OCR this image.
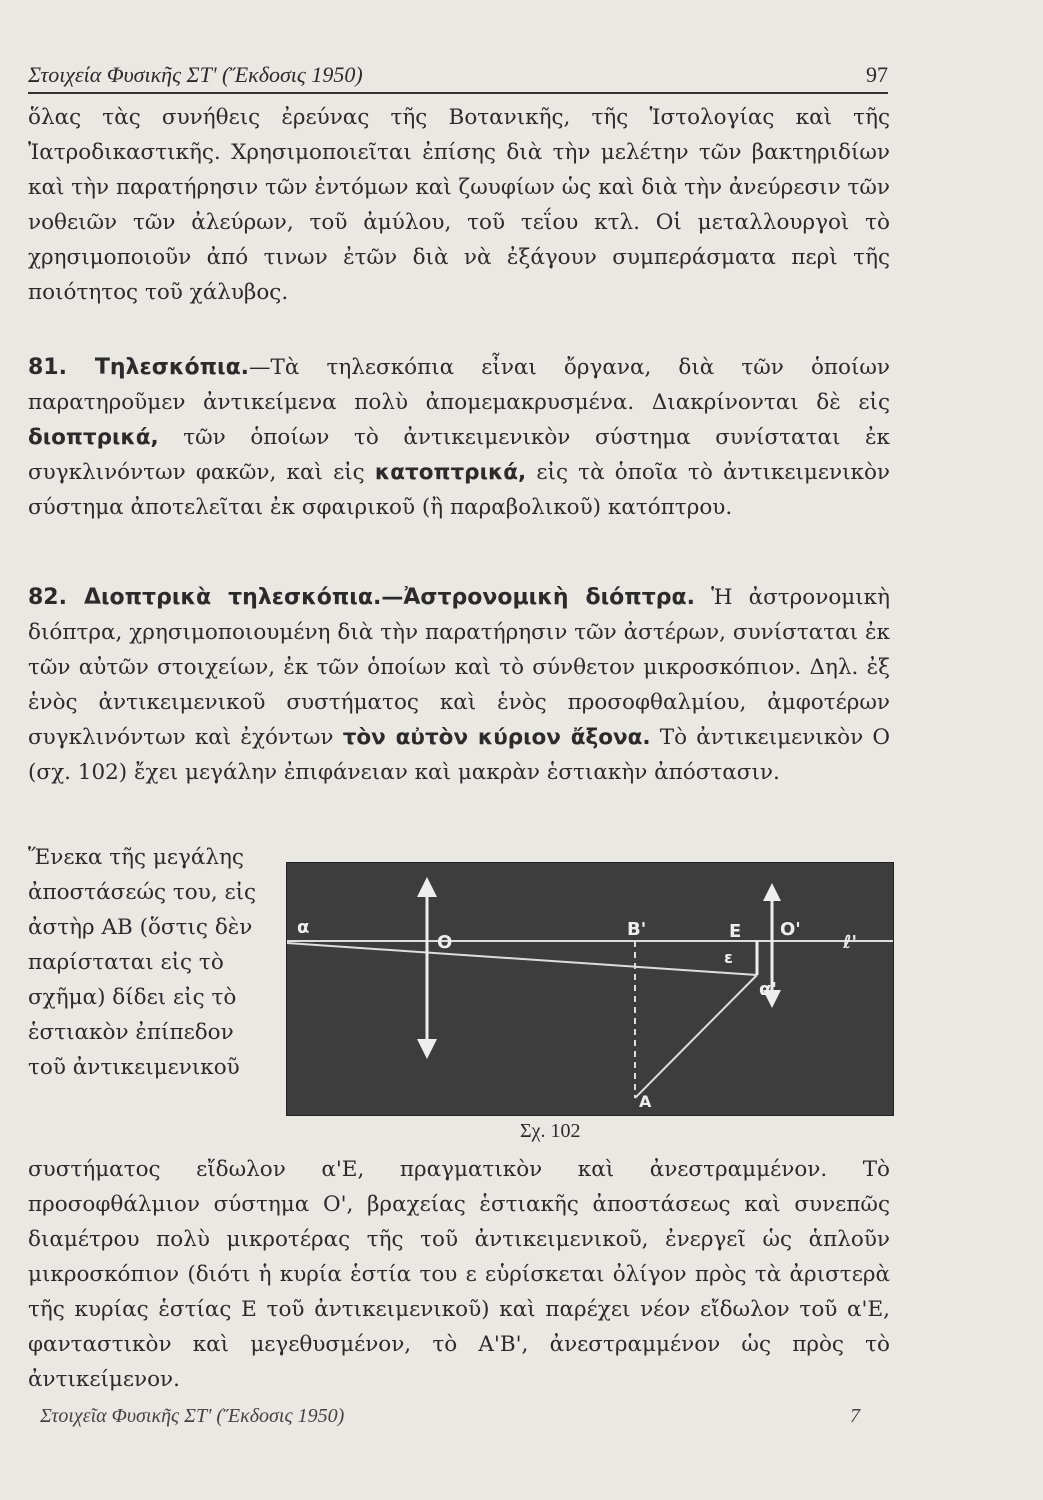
Στοιχεία Φυσικῆς ΣΤ' (Ἔκδοσις 1950)	97

ὅλας τὰς συνήθεις ἐρεύνας τῆς Βοτανικῆς, τῆς Ἱστολογίας καὶ τῆς Ἰατροδικαστικῆς. Χρησιμοποιεῖται ἐπίσης διὰ τὴν μελέτην τῶν βακτηριδίων καὶ τὴν παρατήρησιν τῶν ἐντόμων καὶ ζωυφίων ὡς καὶ διὰ τὴν ἀνεύρεσιν τῶν νοθειῶν τῶν ἀλεύρων, τοῦ ἀμύλου, τοῦ τεΐου κτλ. Οἱ μεταλλουργοὶ τὸ χρησιμοποιοῦν ἀπό τινων ἐτῶν διὰ νὰ ἐξάγουν συμπεράσματα περὶ τῆς ποιότητος τοῦ χάλυβος.

81. Τηλεσκόπια.—Τὰ τηλεσκόπια εἶναι ὄργανα, διὰ τῶν ὁποίων παρατηροῦμεν ἀντικείμενα πολὺ ἀπομεμακρυσμένα. Διακρίνονται δὲ εἰς διοπτρικά, τῶν ὁποίων τὸ ἀντικειμενικὸν σύστημα συνίσταται ἐκ συγκλινόντων φακῶν, καὶ εἰς κατοπτρικά, εἰς τὰ ὁποῖα τὸ ἀντικειμενικὸν σύστημα ἀποτελεῖται ἐκ σφαιρικοῦ (ἢ παραβολικοῦ) κατόπτρου.

82. Διοπτρικὰ τηλεσκόπια.—Ἀστρονομικὴ διόπτρα. Ἡ ἀστρονομικὴ διόπτρα, χρησιμοποιουμένη διὰ τὴν παρατήρησιν τῶν ἀστέρων, συνίσταται ἐκ τῶν αὐτῶν στοιχείων, ἐκ τῶν ὁποίων καὶ τὸ σύνθετον μικροσκόπιον. Δηλ. ἐξ ἑνὸς ἀντικειμενικοῦ συστήματος καὶ ἑνὸς προσοφθαλμίου, ἀμφοτέρων συγκλινόντων καὶ ἐχόντων τὸν αὐτὸν κύριον ἄξονα. Τὸ ἀντικειμενικὸν Ο (σχ. 102) ἔχει μεγάλην ἐπιφάνειαν καὶ μακρὰν ἑστιακὴν ἀπόστασιν.

Ἕνεκα τῆς μεγάλης ἀποστάσεώς του, εἰς ἀστὴρ ΑΒ (ὅστις δὲν παρίσταται εἰς τὸ σχῆμα) δίδει εἰς τὸ ἑστιακὸν ἐπίπεδον τοῦ ἀντικειμενικοῦ
α
O
B'	E O'
ε
α'
ℓ'
A
Σχ. 102

συστήματος εἴδωλον α'Ε, πραγματικὸν καὶ ἀνεστραμμένον. Τὸ προσοφθάλμιον σύστημα Ο', βραχείας ἑστιακῆς ἀποστάσεως καὶ συνεπῶς διαμέτρου πολὺ μικροτέρας τῆς τοῦ ἀντικειμενικοῦ, ἐνεργεῖ ὡς ἁπλοῦν μικροσκόπιον (διότι ἡ κυρία ἑστία του ε εὑρίσκεται ὀλίγον πρὸς τὰ ἀριστερὰ τῆς κυρίας ἑστίας Ε τοῦ ἀντικειμενικοῦ) καὶ παρέχει νέον εἴδωλον τοῦ α'Ε, φανταστικὸν καὶ μεγεθυσμένον, τὸ Α'Β', ἀνεστραμμένον ὡς πρὸς τὸ ἀντικείμενον.

Στοιχεῖα Φυσικῆς ΣΤ' (Ἔκδοσις 1950)	7
